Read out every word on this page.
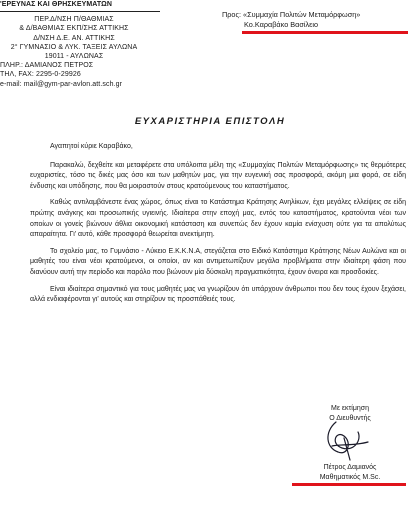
'ΕΡΕΥΝΑΣ ΚΑΙ ΘΡΗΣΚΕΥΜΑΤΩΝ
ΠΕΡ.Δ/ΝΣΗ Π/ΘΑΘΜΙΑΣ
& Δ/ΒΑΘΜΙΑΣ ΕΚΠ/ΣΗΣ ΑΤΤΙΚΗΣ
Δ/ΝΣΗ Δ.Ε. ΑΝ. ΑΤΤΙΚΗΣ
2° ΓΥΜΝΑΣΙΟ & ΛΥΚ. ΤΑΞΕΙΣ ΑΥΛΩΝΑ
19011 - ΑΥΛΩΝΑΣ
ΠΛΗΡ.: ΔΑΜΙΑΝΟΣ ΠΕΤΡΟΣ
ΤΗΛ, FAX: 2295-0-29926
e-mail: mail@gym-par-avlon.att.sch.gr
Προς: «Συμμαχία Πολιτών Μεταμόρφωση»
Κο.Καραβάκο Βασίλειο
ΕΥΧΑΡΙΣΤΗΡΙΑ ΕΠΙΣΤΟΛΗ

Αγαπητοί κύριε Καραβάκο,

Παρακαλώ, δεχθείτε και μεταφέρετε στα υπόλοιπα μέλη της «Συμμαχίας Πολιτών Μεταμόρφωσης» τις θερμότερες ευχαριστίες, τόσο τις δικές μας όσο και των μαθητών μας, για την ευγενική σας προσφορά, ακόμη μια φορά, σε είδη ένδυσης και υπόδησης, που θα μοιραστούν στους κρατούμενους του καταστήματος.

Καθώς αντιλαμβάνεστε ένας χώρος, όπως είναι το Κατάστημα Κράτησης Ανηλίκων, έχει μεγάλες ελλείψεις σε είδη πρώτης ανάγκης και προσωπικής υγιεινής. Ιδιαίτερα στην εποχή μας, εντός του καταστήματος, κρατούνται νέοι των οποίων οι γονείς βιώνουν άθλια οικονομική κατάσταση και συνεπώς δεν έχουν καμία ενίσχυση ούτε για τα απολύτως απαραίτητα. Γι' αυτό, κάθε προσφορά θεωρείται ανεκτίμητη.

Το σχολείο μας, το Γυμνάσιο - Λύκειο Ε.Κ.Κ.Ν.Α, στεγάζεται στο Ειδικό Κατάστημα Κράτησης Νέων Αυλώνα και οι μαθητές του είναι νέοι κρατούμενοι, οι οποίοι, αν και αντιμετωπίζουν μεγάλα προβλήματα στην ιδιαίτερη φάση που διανύουν αυτή την περίοδο και παρόλο που βιώνουν μία δύσκολη πραγματικότητα, έχουν όνειρα και προσδοκίες.

Είναι ιδιαίτερα σημαντικό για τους μαθητές μας να γνωρίζουν ότι υπάρχουν άνθρωποι που δεν τους έχουν ξεχάσει, αλλά ενδιαφέρονται γι' αυτούς και στηρίζουν τις προσπάθειές τους.

Με εκτίμηση
Ο Διευθυντής
Πέτρος Δαμιανός
Μαθηματικός M.Sc.
